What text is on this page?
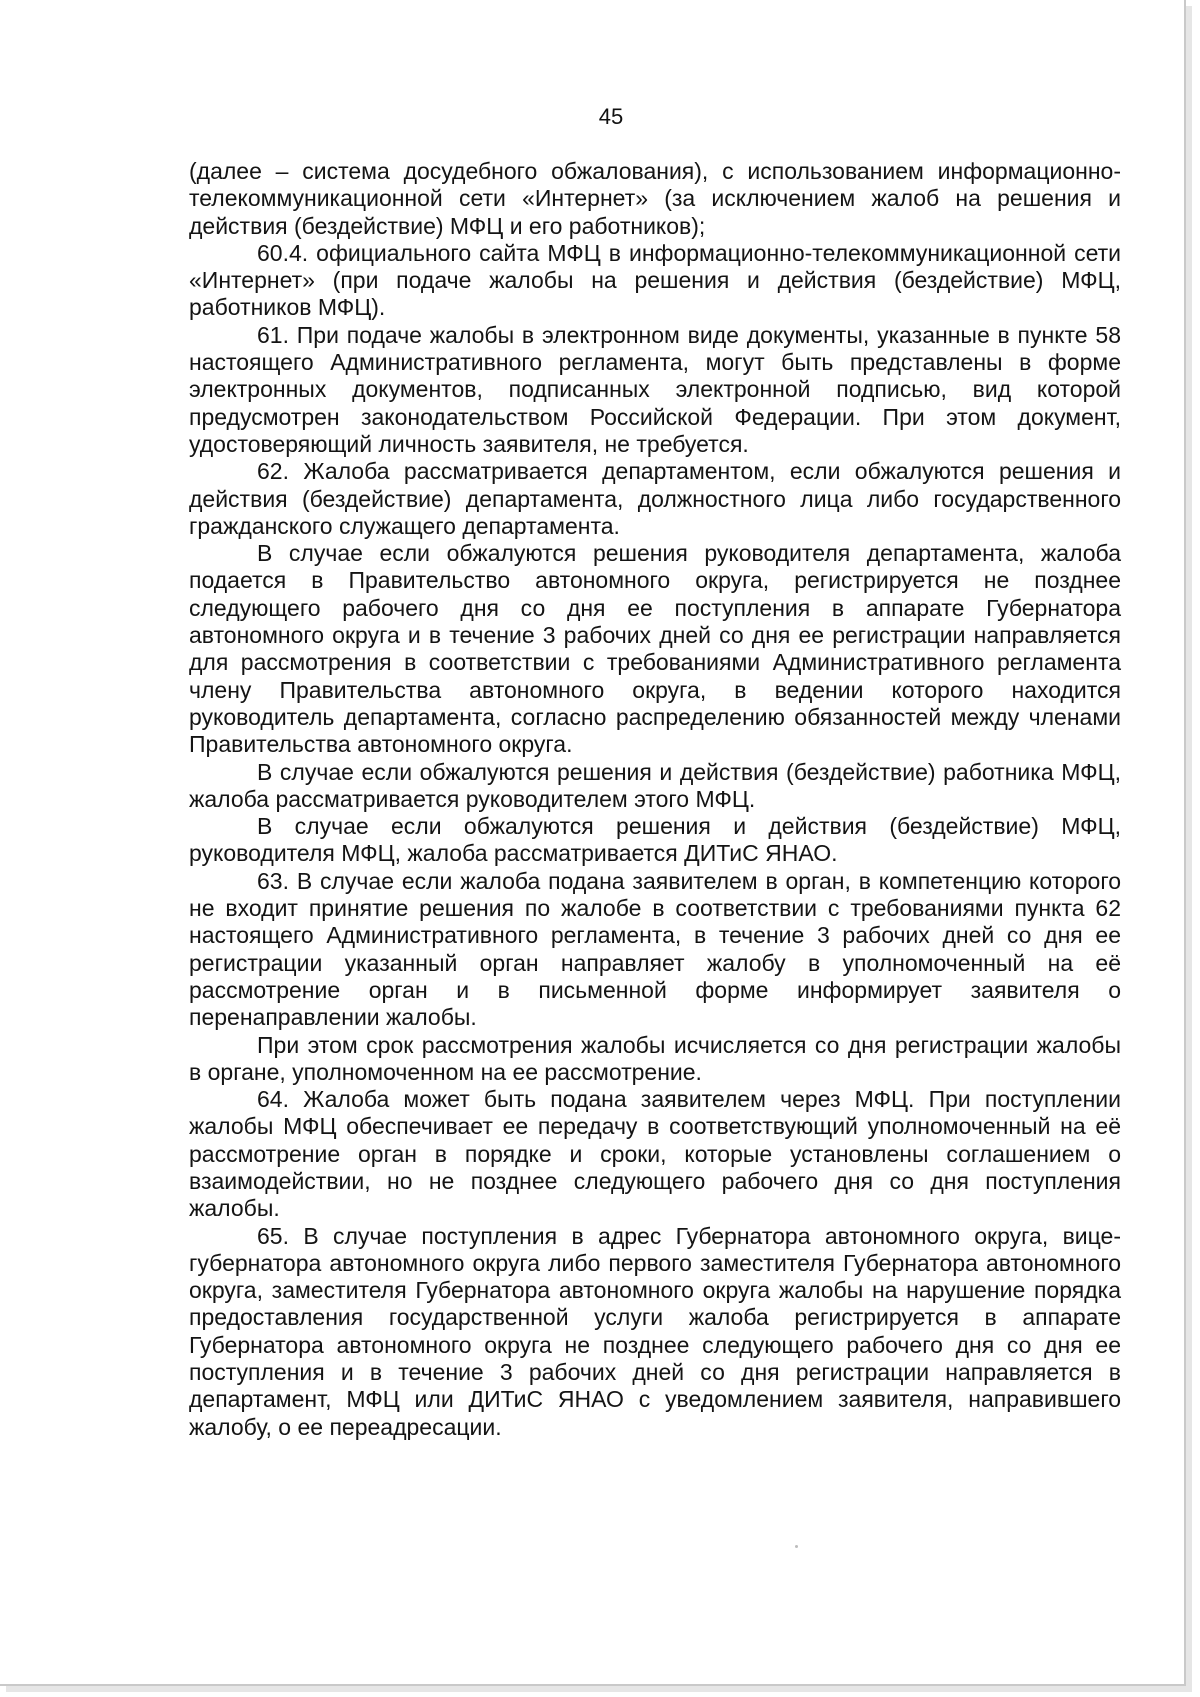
45

(далее – система досудебного обжалования), с использованием информационно-телекоммуникационной сети «Интернет» (за исключением жалоб на решения и действия (бездействие) МФЦ и его работников);

60.4. официального сайта МФЦ в информационно-телекоммуникационной сети «Интернет» (при подаче жалобы на решения и действия (бездействие) МФЦ, работников МФЦ).

61. При подаче жалобы в электронном виде документы, указанные в пункте 58 настоящего Административного регламента, могут быть представлены в форме электронных документов, подписанных электронной подписью, вид которой предусмотрен законодательством Российской Федерации. При этом документ, удостоверяющий личность заявителя, не требуется.

62. Жалоба рассматривается департаментом, если обжалуются решения и действия (бездействие) департамента, должностного лица либо государственного гражданского служащего департамента.

В случае если обжалуются решения руководителя департамента, жалоба подается в Правительство автономного округа, регистрируется не позднее следующего рабочего дня со дня ее поступления в аппарате Губернатора автономного округа и в течение 3 рабочих дней со дня ее регистрации направляется для рассмотрения в соответствии с требованиями Административного регламента члену Правительства автономного округа, в ведении которого находится руководитель департамента, согласно распределению обязанностей между членами Правительства автономного округа.

В случае если обжалуются решения и действия (бездействие) работника МФЦ, жалоба рассматривается руководителем этого МФЦ.

В случае если обжалуются решения и действия (бездействие) МФЦ, руководителя МФЦ, жалоба рассматривается ДИТиС ЯНАО.

63. В случае если жалоба подана заявителем в орган, в компетенцию которого не входит принятие решения по жалобе в соответствии с требованиями пункта 62 настоящего Административного регламента, в течение 3 рабочих дней со дня ее регистрации указанный орган направляет жалобу в уполномоченный на её рассмотрение орган и в письменной форме информирует заявителя о перенаправлении жалобы.

При этом срок рассмотрения жалобы исчисляется со дня регистрации жалобы в органе, уполномоченном на ее рассмотрение.

64. Жалоба может быть подана заявителем через МФЦ. При поступлении жалобы МФЦ обеспечивает ее передачу в соответствующий уполномоченный на её рассмотрение орган в порядке и сроки, которые установлены соглашением о взаимодействии, но не позднее следующего рабочего дня со дня поступления жалобы.

65. В случае поступления в адрес Губернатора автономного округа, вице-губернатора автономного округа либо первого заместителя Губернатора автономного округа, заместителя Губернатора автономного округа жалобы на нарушение порядка предоставления государственной услуги жалоба регистрируется в аппарате Губернатора автономного округа не позднее следующего рабочего дня со дня ее поступления и в течение 3 рабочих дней со дня регистрации направляется в департамент, МФЦ или ДИТиС ЯНАО с уведомлением заявителя, направившего жалобу, о ее переадресации.
